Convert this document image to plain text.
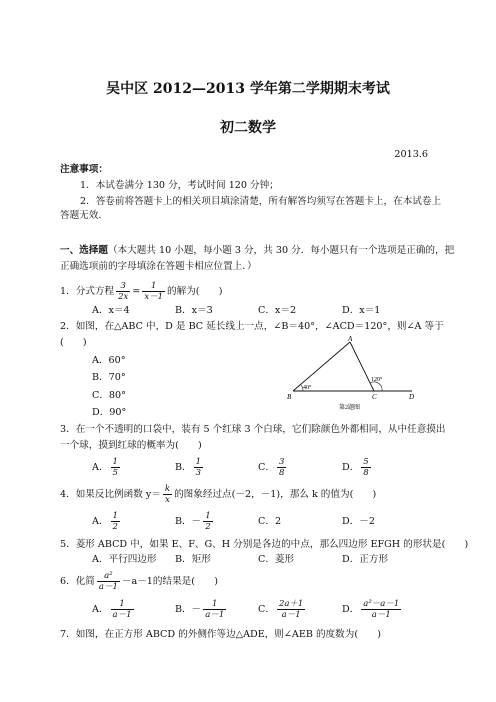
吴中区 2012—2013 学年第二学期期末考试
初二数学
2013.6
注意事项：
1．本试卷满分 130 分，考试时间 120 分钟；
2．答卷前将答题卡上的相关项目填涂清楚，所有解答均须写在答题卡上，在本试卷上
答题无效.
一、选择题（本大题共 10 小题，每小题 3 分，共 30 分．每小题只有一个选项是正确的，把
正确选项前的字母填涂在答题卡相应位置上．）
1．分式方程 $\frac{3}{2x} = \frac{1}{x-1}$ 的解为(　　)
A．x＝4	B．x＝3	C．x＝2	D．x＝1
2．如图，在△ABC 中，D 是 BC 延长线上一点，∠B＝40°，∠ACD＝120°，则∠A 等于
(　　)
A．60°
B．70°
C．80°
D．90°
A
B	C	D
40°
120°
第2题图
3．在一个不透明的口袋中，装有 5 个红球 3 个白球，它们除颜色外都相同，从中任意摸出
一个球，摸到红球的概率为(　　)
A． $\frac{1}{5}$	B． $\frac{1}{3}$	C． $\frac{3}{8}$	D． $\frac{5}{8}$
4．如果反比例函数 $y= \frac{k}{x}$ 的图象经过点(－2，－1)，那么 k 的值为(　　)
A． $\frac{1}{2}$	B．－ $\frac{1}{2}$	C．2	D．－2
5．菱形 ABCD 中，如果 E、F、G、H 分别是各边的中点，那么四边形 EFGH 的形状是(　　)
A．平行四边形 B．矩形	C．菱形	D．正方形
6．化简 $\frac{\text{a²}}{a-1} -a-1$的结果是(　　)
A． $\frac{1}{a-1}$	B．－ $\frac{1}{a-1}$	C． $\frac{2a+1}{a-1}$	D． $\frac{\text{a²－a－1}}{a-1}$
7．如图，在正方形 ABCD 的外侧作等边△ADE，则∠AEB 的度数为(　　)
